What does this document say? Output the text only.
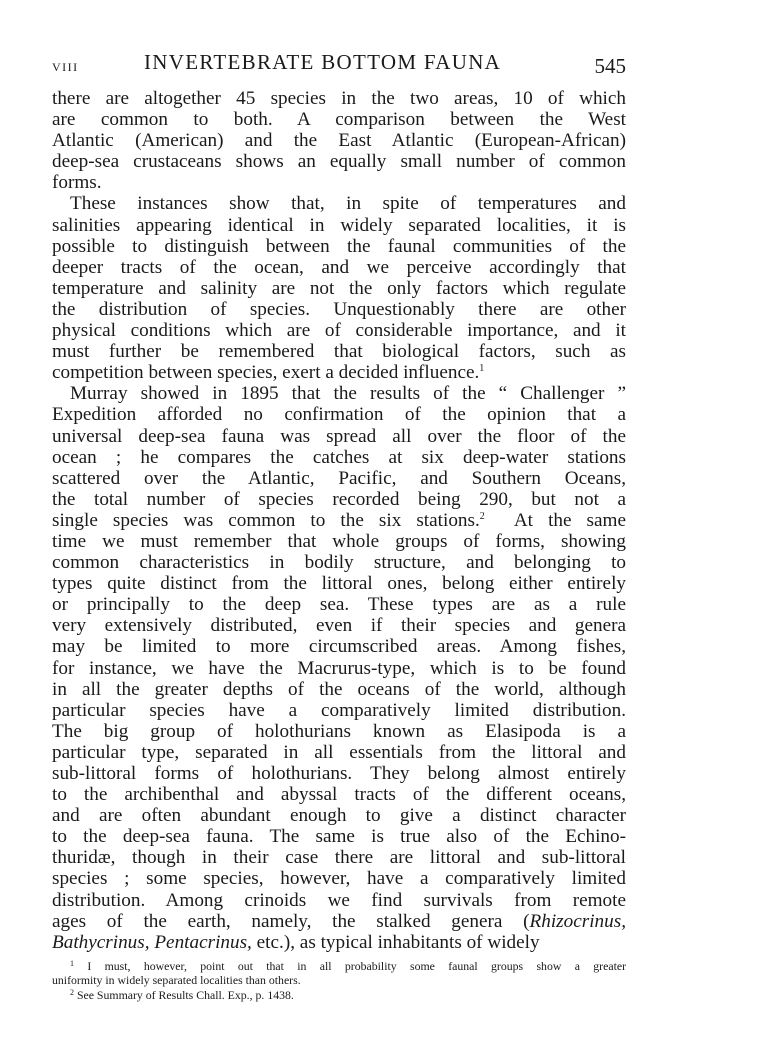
VIII	INVERTEBRATE BOTTOM FAUNA	545
there are altogether 45 species in the two areas, 10 of which
are common to both. A comparison between the West
Atlantic (American) and the East Atlantic (European-African)
deep-sea crustaceans shows an equally small number of common
forms.
These instances show that, in spite of temperatures and
salinities appearing identical in widely separated localities, it is
possible to distinguish between the faunal communities of the
deeper tracts of the ocean, and we perceive accordingly that
temperature and salinity are not the only factors which regulate
the distribution of species. Unquestionably there are other
physical conditions which are of considerable importance, and it
must further be remembered that biological factors, such as
competition between species, exert a decided influence.$^1$
Murray showed in 1895 that the results of the “ Challenger ”
Expedition afforded no confirmation of the opinion that a
universal deep-sea fauna was spread all over the floor of the
ocean ; he compares the catches at six deep-water stations
scattered over the Atlantic, Pacific, and Southern Oceans,
the total number of species recorded being 290, but not a
single species was common to the six stations.$^2$ At the same
time we must remember that whole groups of forms, showing
common characteristics in bodily structure, and belonging to
types quite distinct from the littoral ones, belong either entirely
or principally to the deep sea. These types are as a rule
very extensively distributed, even if their species and genera
may be limited to more circumscribed areas. Among fishes,
for instance, we have the Macrurus-type, which is to be found
in all the greater depths of the oceans of the world, although
particular species have a comparatively limited distribution.
The big group of holothurians known as Elasipoda is a
particular type, separated in all essentials from the littoral and
sub-littoral forms of holothurians. They belong almost entirely
to the archibenthal and abyssal tracts of the different oceans,
and are often abundant enough to give a distinct character
to the deep-sea fauna. The same is true also of the Echino-
thuridæ, though in their case there are littoral and sub-littoral
species ; some species, however, have a comparatively limited
distribution. Among crinoids we find survivals from remote
ages of the earth, namely, the stalked genera (Rhizocrinus,
Bathycrinus, Pentacrinus, etc.), as typical inhabitants of widely
$^1$ I must, however, point out that in all probability some faunal groups show a greater
uniformity in widely separated localities than others.
$^2$ See Summary of Results Chall. Exp., p. 1438.
